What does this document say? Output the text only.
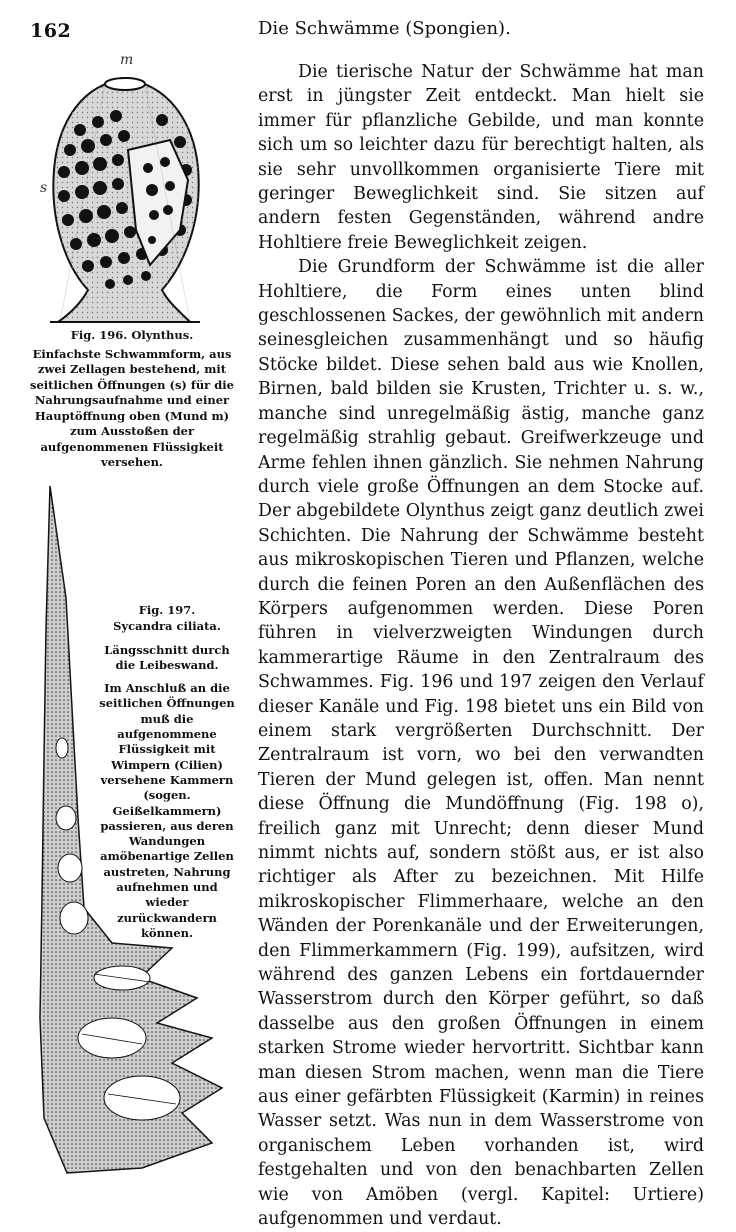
162	Die Schwämme (Spongien).
m
s
Fig. 196. Olynthus.
Einfachste Schwammform, aus zwei Zellagen bestehend, mit seitlichen Öffnungen (s) für die Nahrungsaufnahme und einer Hauptöffnung oben (Mund m) zum Ausstoßen der aufgenommenen Flüssigkeit versehen.
Fig. 197.
Sycandra ciliata.
Längsschnitt durch die Leibeswand.
Im Anschluß an die seitlichen Öffnungen muß die aufgenommene Flüssigkeit mit Wimpern (Cilien) versehene Kammern (sogen. Geißelkammern) passieren, aus deren Wandungen amöbenartige Zellen austreten, Nahrung aufnehmen und wieder zurückwandern können.

Die tierische Natur der Schwämme hat man erst in jüngster Zeit entdeckt. Man hielt sie immer für pflanzliche Gebilde, und man konnte sich um so leichter dazu für berechtigt halten, als sie sehr unvollkommen organisierte Tiere mit geringer Beweglichkeit sind. Sie sitzen auf andern festen Gegenständen, während andre Hohltiere freie Beweglichkeit zeigen.

Die Grundform der Schwämme ist die aller Hohltiere, die Form eines unten blind geschlossenen Sackes, der gewöhnlich mit andern seinesgleichen zusammenhängt und so häufig Stöcke bildet. Diese sehen bald aus wie Knollen, Birnen, bald bilden sie Krusten, Trichter u. s. w., manche sind unregelmäßig ästig, manche ganz regelmäßig strahlig gebaut. Greifwerkzeuge und Arme fehlen ihnen gänzlich. Sie nehmen Nahrung durch viele große Öffnungen an dem Stocke auf. Der abgebildete Olynthus zeigt ganz deutlich zwei Schichten. Die Nahrung der Schwämme besteht aus mikroskopischen Tieren und Pflanzen, welche durch die feinen Poren an den Außenflächen des Körpers aufgenommen werden. Diese Poren führen in vielverzweigten Windungen durch kammerartige Räume in den Zentralraum des Schwammes. Fig. 196 und 197 zeigen den Verlauf dieser Kanäle und Fig. 198 bietet uns ein Bild von einem stark vergrößerten Durchschnitt. Der Zentralraum ist vorn, wo bei den verwandten Tieren der Mund gelegen ist, offen. Man nennt diese Öffnung die Mundöffnung (Fig. 198 o), freilich ganz mit Unrecht; denn dieser Mund nimmt nichts auf, sondern stößt aus, er ist also richtiger als After zu bezeichnen. Mit Hilfe mikroskopischer Flimmerhaare, welche an den Wänden der Porenkanäle und der Erweiterungen, den Flimmerkammern (Fig. 199), aufsitzen, wird während des ganzen Lebens ein fortdauernder Wasserstrom durch den Körper geführt, so daß dasselbe aus den großen Öffnungen in einem starken Strome wieder hervortritt. Sichtbar kann man diesen Strom machen, wenn man die Tiere aus einer gefärbten Flüssigkeit (Karmin) in reines Wasser setzt. Was nun in dem Wasserstrome von organischem Leben vorhanden ist, wird festgehalten und von den benachbarten Zellen wie von Amöben (vergl. Kapitel: Urtiere) aufgenommen und verdaut.
